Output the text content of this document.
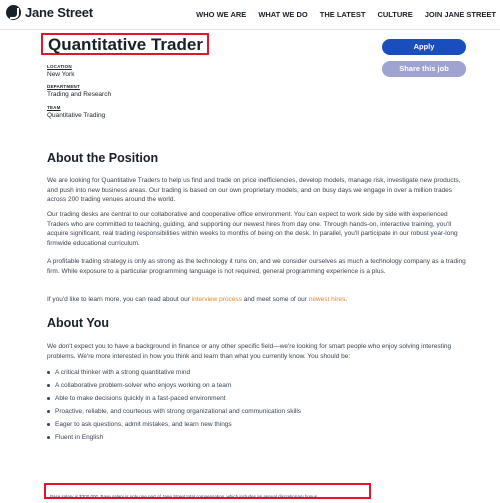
Jane Street	WHO WE ARE WHAT WE DO THE LATEST CULTURE JOIN JANE STREET
Quantitative Trader	Apply
Share this job
LOCATION
New York
DEPARTMENT
Trading and Research
TEAM
Quantitative Trading
About the Position

We are looking for Quantitative Traders to help us find and trade on price inefficiencies, develop models, manage risk, investigate new products, and push into new business areas. Our trading is based on our own proprietary models, and on busy days we engage in over a million trades across 200 trading venues around the world.

Our trading desks are central to our collaborative and cooperative office environment. You can expect to work side by side with experienced Traders who are committed to teaching, guiding, and supporting our newest hires from day one. Through hands-on, interactive training, you'll acquire significant, real trading responsibilities within weeks to months of being on the desk. In parallel, you'll participate in our robust year-long firmwide educational curriculum.

A profitable trading strategy is only as strong as the technology it runs on, and we consider ourselves as much a technology company as a trading firm. While exposure to a particular programming language is not required, general programming experience is a plus.

If you'd like to learn more, you can read about our interview process and meet some of our newest hires.

About You

We don't expect you to have a background in finance or any other specific field—we're looking for smart people who enjoy solving interesting problems. We're more interested in how you think and learn than what you currently know. You should be:

A critical thinker with a strong quantitative mind
A collaborative problem-solver who enjoys working on a team
Able to make decisions quickly in a fast-paced environment
Proactive, reliable, and courteous with strong organizational and communication skills
Eager to ask questions, admit mistakes, and learn new things
Fluent in English
Base salary is $300,000. Base salary is only one part of Jane Street total compensation, which includes an annual discretionary bonus.
